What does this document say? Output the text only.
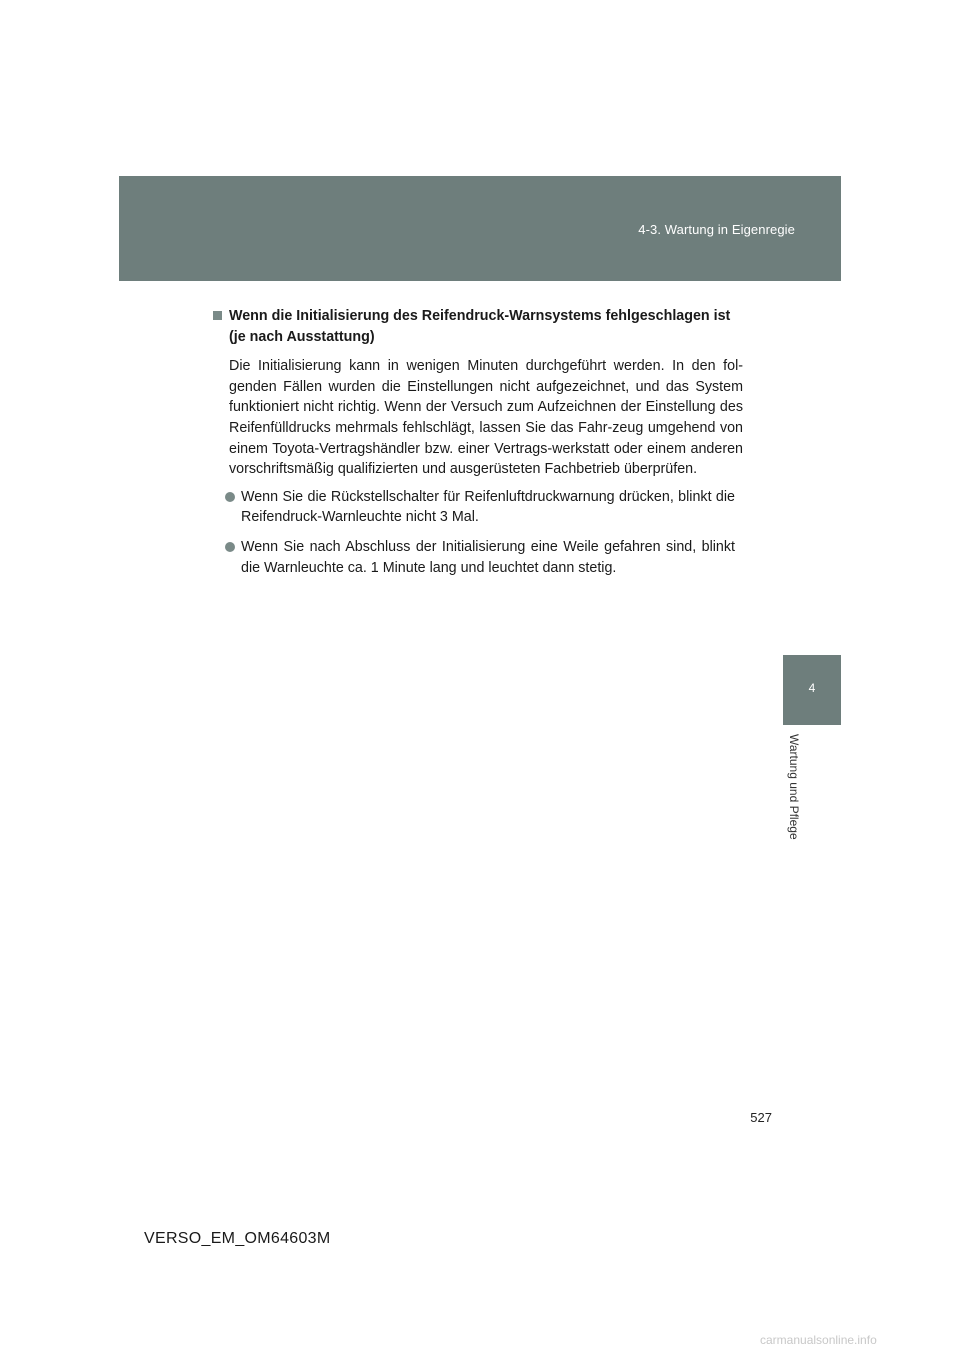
4-3. Wartung in Eigenregie
4
Wartung und Pflege
Wenn die Initialisierung des Reifendruck-Warnsystems fehlgeschlagen ist (je nach Ausstattung)

Die Initialisierung kann in wenigen Minuten durchgeführt werden. In den fol-genden Fällen wurden die Einstellungen nicht aufgezeichnet, und das System funktioniert nicht richtig. Wenn der Versuch zum Aufzeichnen der Einstellung des Reifenfülldrucks mehrmals fehlschlägt, lassen Sie das Fahr-zeug umgehend von einem Toyota-Vertragshändler bzw. einer Vertrags-werkstatt oder einem anderen vorschriftsmäßig qualifizierten und ausgerüsteten Fachbetrieb überprüfen.

Wenn Sie die Rückstellschalter für Reifenluftdruckwarnung drücken, blinkt die Reifendruck-Warnleuchte nicht 3 Mal.
Wenn Sie nach Abschluss der Initialisierung eine Weile gefahren sind, blinkt die Warnleuchte ca. 1 Minute lang und leuchtet dann stetig.
527
VERSO_EM_OM64603M
carmanualsonline.info
